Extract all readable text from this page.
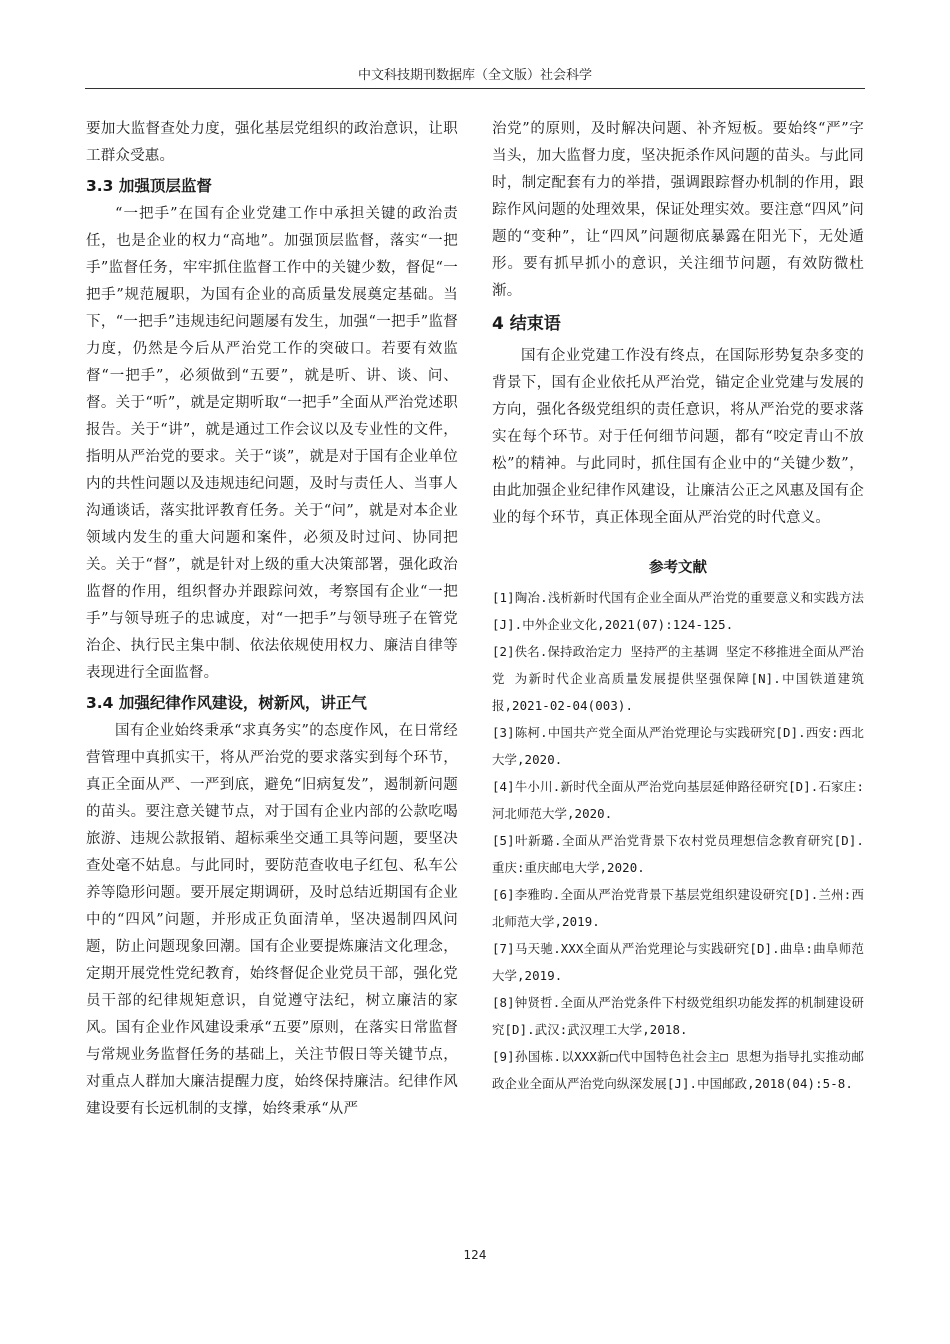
中文科技期刊数据库（全文版）社会科学

要加大监督查处力度，强化基层党组织的政治意识，让职工群众受惠。

3.3 加强顶层监督

“一把手”在国有企业党建工作中承担关键的政治责任，也是企业的权力“高地”。加强顶层监督，落实“一把手”监督任务，牢牢抓住监督工作中的关键少数，督促“一把手”规范履职，为国有企业的高质量发展奠定基础。当下，“一把手”违规违纪问题屡有发生，加强“一把手”监督力度，仍然是今后从严治党工作的突破口。若要有效监督“一把手”，必须做到“五要”，就是听、讲、谈、问、督。关于“听”，就是定期听取“一把手”全面从严治党述职报告。关于“讲”，就是通过工作会议以及专业性的文件，指明从严治党的要求。关于“谈”，就是对于国有企业单位内的共性问题以及违规违纪问题，及时与责任人、当事人沟通谈话，落实批评教育任务。关于“问”，就是对本企业领域内发生的重大问题和案件，必须及时过问、协同把关。关于“督”，就是针对上级的重大决策部署，强化政治监督的作用，组织督办并跟踪问效，考察国有企业“一把手”与领导班子的忠诚度，对“一把手”与领导班子在管党治企、执行民主集中制、依法依规使用权力、廉洁自律等表现进行全面监督。

3.4 加强纪律作风建设，树新风，讲正气

国有企业始终秉承“求真务实”的态度作风，在日常经营管理中真抓实干，将从严治党的要求落实到每个环节，真正全面从严、一严到底，避免“旧病复发”，遏制新问题的苗头。要注意关键节点，对于国有企业内部的公款吃喝旅游、违规公款报销、超标乘坐交通工具等问题，要坚决查处毫不姑息。与此同时，要防范查收电子红包、私车公养等隐形问题。要开展定期调研，及时总结近期国有企业中的“四风”问题，并形成正负面清单，坚决遏制四风问题，防止问题现象回潮。国有企业要提炼廉洁文化理念，定期开展党性党纪教育，始终督促企业党员干部，强化党员干部的纪律规矩意识，自觉遵守法纪，树立廉洁的家风。国有企业作风建设秉承“五要”原则，在落实日常监督与常规业务监督任务的基础上，关注节假日等关键节点，对重点人群加大廉洁提醒力度，始终保持廉洁。纪律作风建设要有长远机制的支撑，始终秉承“从严

治党”的原则，及时解决问题、补齐短板。要始终“严”字当头，加大监督力度，坚决扼杀作风问题的苗头。与此同时，制定配套有力的举措，强调跟踪督办机制的作用，跟踪作风问题的处理效果，保证处理实效。要注意“四风”问题的“变种”，让“四风”问题彻底暴露在阳光下，无处遁形。要有抓早抓小的意识，关注细节问题，有效防微杜渐。

4 结束语

国有企业党建工作没有终点，在国际形势复杂多变的背景下，国有企业依托从严治党，锚定企业党建与发展的方向，强化各级党组织的责任意识，将从严治党的要求落实在每个环节。对于任何细节问题，都有“咬定青山不放松”的精神。与此同时，抓住国有企业中的“关键少数”，由此加强企业纪律作风建设，让廉洁公正之风惠及国有企业的每个环节，真正体现全面从严治党的时代意义。

参考文献

[1]陶冶.浅析新时代国有企业全面从严治党的重要意义和实践方法[J].中外企业文化,2021(07):124-125.

[2]佚名.保持政治定力 坚持严的主基调 坚定不移推进全面从严治党 为新时代企业高质量发展提供坚强保障[N].中国铁道建筑报,2021-02-04(003).

[3]陈柯.中国共产党全面从严治党理论与实践研究[D].西安:西北大学,2020.

[4]牛小川.新时代全面从严治党向基层延伸路径研究[D].石家庄:河北师范大学,2020.

[5]叶新璐.全面从严治党背景下农村党员理想信念教育研究[D].重庆:重庆邮电大学,2020.

[6]李雅昀.全面从严治党背景下基层党组织建设研究[D].兰州:西北师范大学,2019.

[7]马天驰.XXX全面从严治党理论与实践研究[D].曲阜:曲阜师范大学,2019.

[8]钟贤哲.全面从严治党条件下村级党组织功能发挥的机制建设研究[D].武汉:武汉理工大学,2018.

[9]孙国栋.以XXX新□代中国特色社会主□ 思想为指导扎实推动邮政企业全面从严治党向纵深发展[J].中国邮政,2018(04):5-8.

124
